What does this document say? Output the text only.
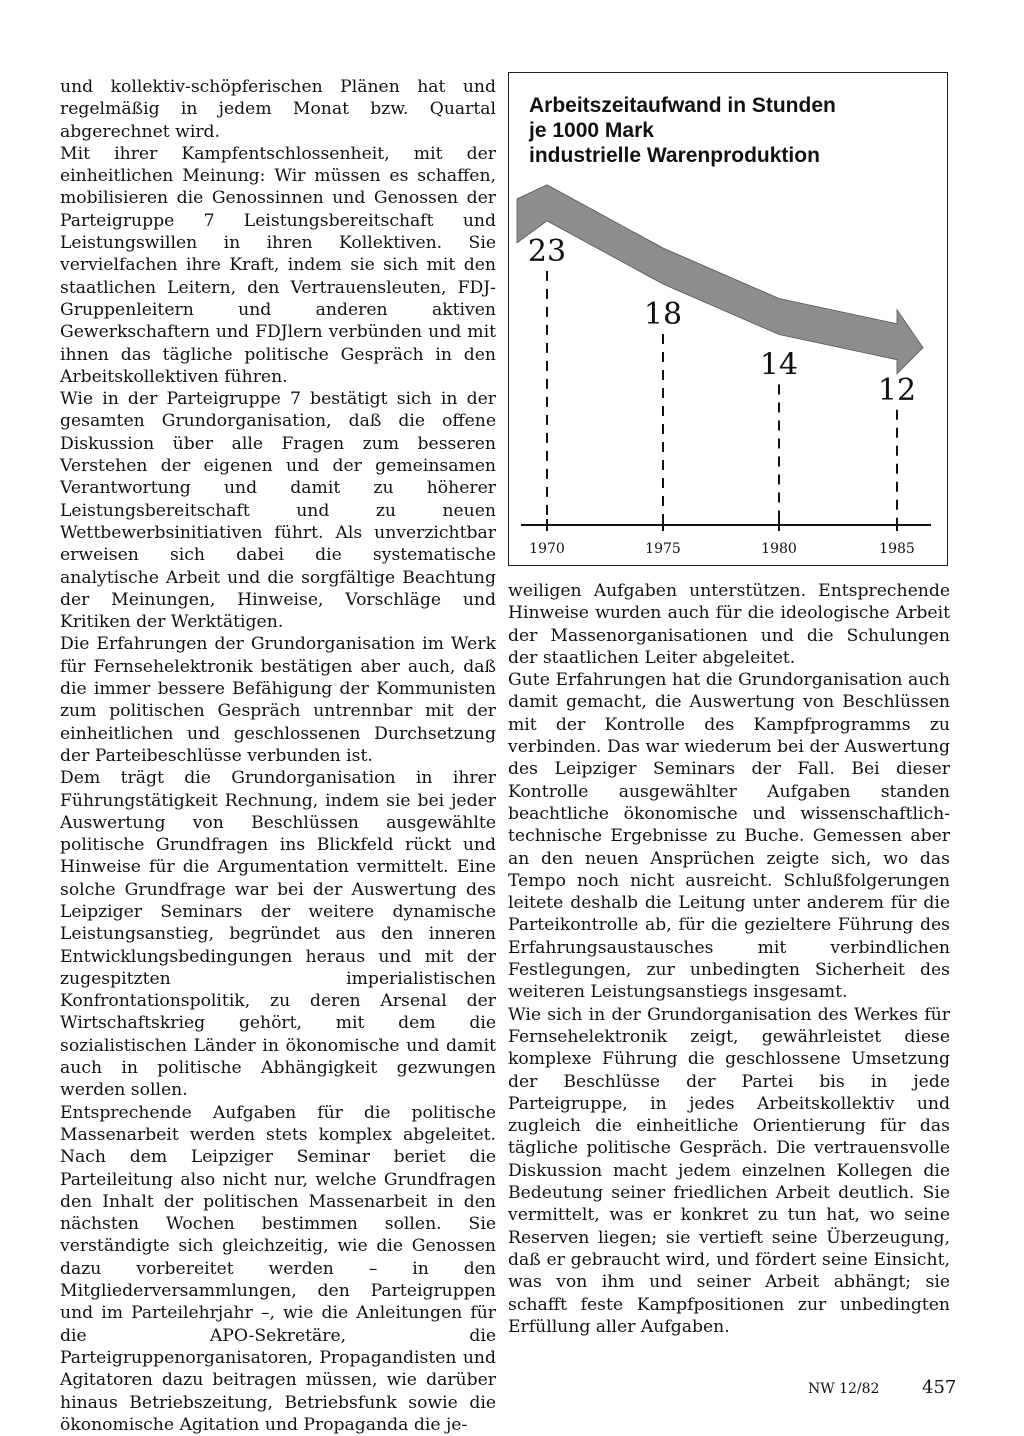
und kollektiv-schöpferischen Plänen hat und regelmäßig in jedem Monat bzw. Quartal abgerechnet wird.

Mit ihrer Kampfentschlossenheit, mit der einheitlichen Meinung: Wir müssen es schaffen, mobilisieren die Genossinnen und Genossen der Parteigruppe 7 Leistungsbereitschaft und Leistungswillen in ihren Kollektiven. Sie vervielfachen ihre Kraft, indem sie sich mit den staatlichen Leitern, den Vertrauensleuten, FDJ-Gruppenleitern und anderen aktiven Gewerkschaftern und FDJlern verbünden und mit ihnen das tägliche politische Gespräch in den Arbeitskollektiven führen.

Wie in der Parteigruppe 7 bestätigt sich in der gesamten Grundorganisation, daß die offene Diskussion über alle Fragen zum besseren Verstehen der eigenen und der gemeinsamen Verantwortung und damit zu höherer Leistungsbereitschaft und zu neuen Wettbewerbsinitiativen führt. Als unverzichtbar erweisen sich dabei die systematische analytische Arbeit und die sorgfältige Beachtung der Meinungen, Hinweise, Vorschläge und Kritiken der Werktätigen.

Die Erfahrungen der Grundorganisation im Werk für Fernsehelektronik bestätigen aber auch, daß die immer bessere Befähigung der Kommunisten zum politischen Gespräch untrennbar mit der einheitlichen und geschlossenen Durchsetzung der Parteibeschlüsse verbunden ist.

Dem trägt die Grundorganisation in ihrer Führungstätigkeit Rechnung, indem sie bei jeder Auswertung von Beschlüssen ausgewählte politische Grundfragen ins Blickfeld rückt und Hinweise für die Argumentation vermittelt. Eine solche Grundfrage war bei der Auswertung des Leipziger Seminars der weitere dynamische Leistungsanstieg, begründet aus den inneren Entwicklungsbedingungen heraus und mit der zugespitzten imperialistischen Konfrontationspolitik, zu deren Arsenal der Wirtschaftskrieg gehört, mit dem die sozialistischen Länder in ökonomische und damit auch in politische Abhängigkeit gezwungen werden sollen.

Entsprechende Aufgaben für die politische Massenarbeit werden stets komplex abgeleitet. Nach dem Leipziger Seminar beriet die Parteileitung also nicht nur, welche Grundfragen den Inhalt der politischen Massenarbeit in den nächsten Wochen bestimmen sollen. Sie verständigte sich gleichzeitig, wie die Genossen dazu vorbereitet werden – in den Mitgliederversammlungen, den Parteigruppen und im Parteilehrjahr –, wie die Anleitungen für die APO-Sekretäre, die Parteigruppenorganisatoren, Propagandisten und Agitatoren dazu beitragen müssen, wie darüber hinaus Betriebszeitung, Betriebsfunk sowie die ökonomische Agitation und Propaganda die je-

Arbeitszeitaufwand in Stunden
je 1000 Mark
industrielle Warenproduktion
23
1970
18
1975
14
1980
12
1985

weiligen Aufgaben unterstützen. Entsprechende Hinweise wurden auch für die ideologische Arbeit der Massenorganisationen und die Schulungen der staatlichen Leiter abgeleitet.

Gute Erfahrungen hat die Grundorganisation auch damit gemacht, die Auswertung von Beschlüssen mit der Kontrolle des Kampfprogramms zu verbinden. Das war wiederum bei der Auswertung des Leipziger Seminars der Fall. Bei dieser Kontrolle ausgewählter Aufgaben standen beachtliche ökonomische und wissenschaftlich-technische Ergebnisse zu Buche. Gemessen aber an den neuen Ansprüchen zeigte sich, wo das Tempo noch nicht ausreicht. Schlußfolgerungen leitete deshalb die Leitung unter anderem für die Parteikontrolle ab, für die gezieltere Führung des Erfahrungsaustausches mit verbindlichen Festlegungen, zur unbedingten Sicherheit des weiteren Leistungsanstiegs insgesamt.

Wie sich in der Grundorganisation des Werkes für Fernsehelektronik zeigt, gewährleistet diese komplexe Führung die geschlossene Umsetzung der Beschlüsse der Partei bis in jede Parteigruppe, in jedes Arbeitskollektiv und zugleich die einheitliche Orientierung für das tägliche politische Gespräch. Die vertrauensvolle Diskussion macht jedem einzelnen Kollegen die Bedeutung seiner friedlichen Arbeit deutlich. Sie vermittelt, was er konkret zu tun hat, wo seine Reserven liegen; sie vertieft seine Überzeugung, daß er gebraucht wird, und fördert seine Einsicht, was von ihm und seiner Arbeit abhängt; sie schafft feste Kampfpositionen zur unbedingten Erfüllung aller Aufgaben.

NW 12/82 457
